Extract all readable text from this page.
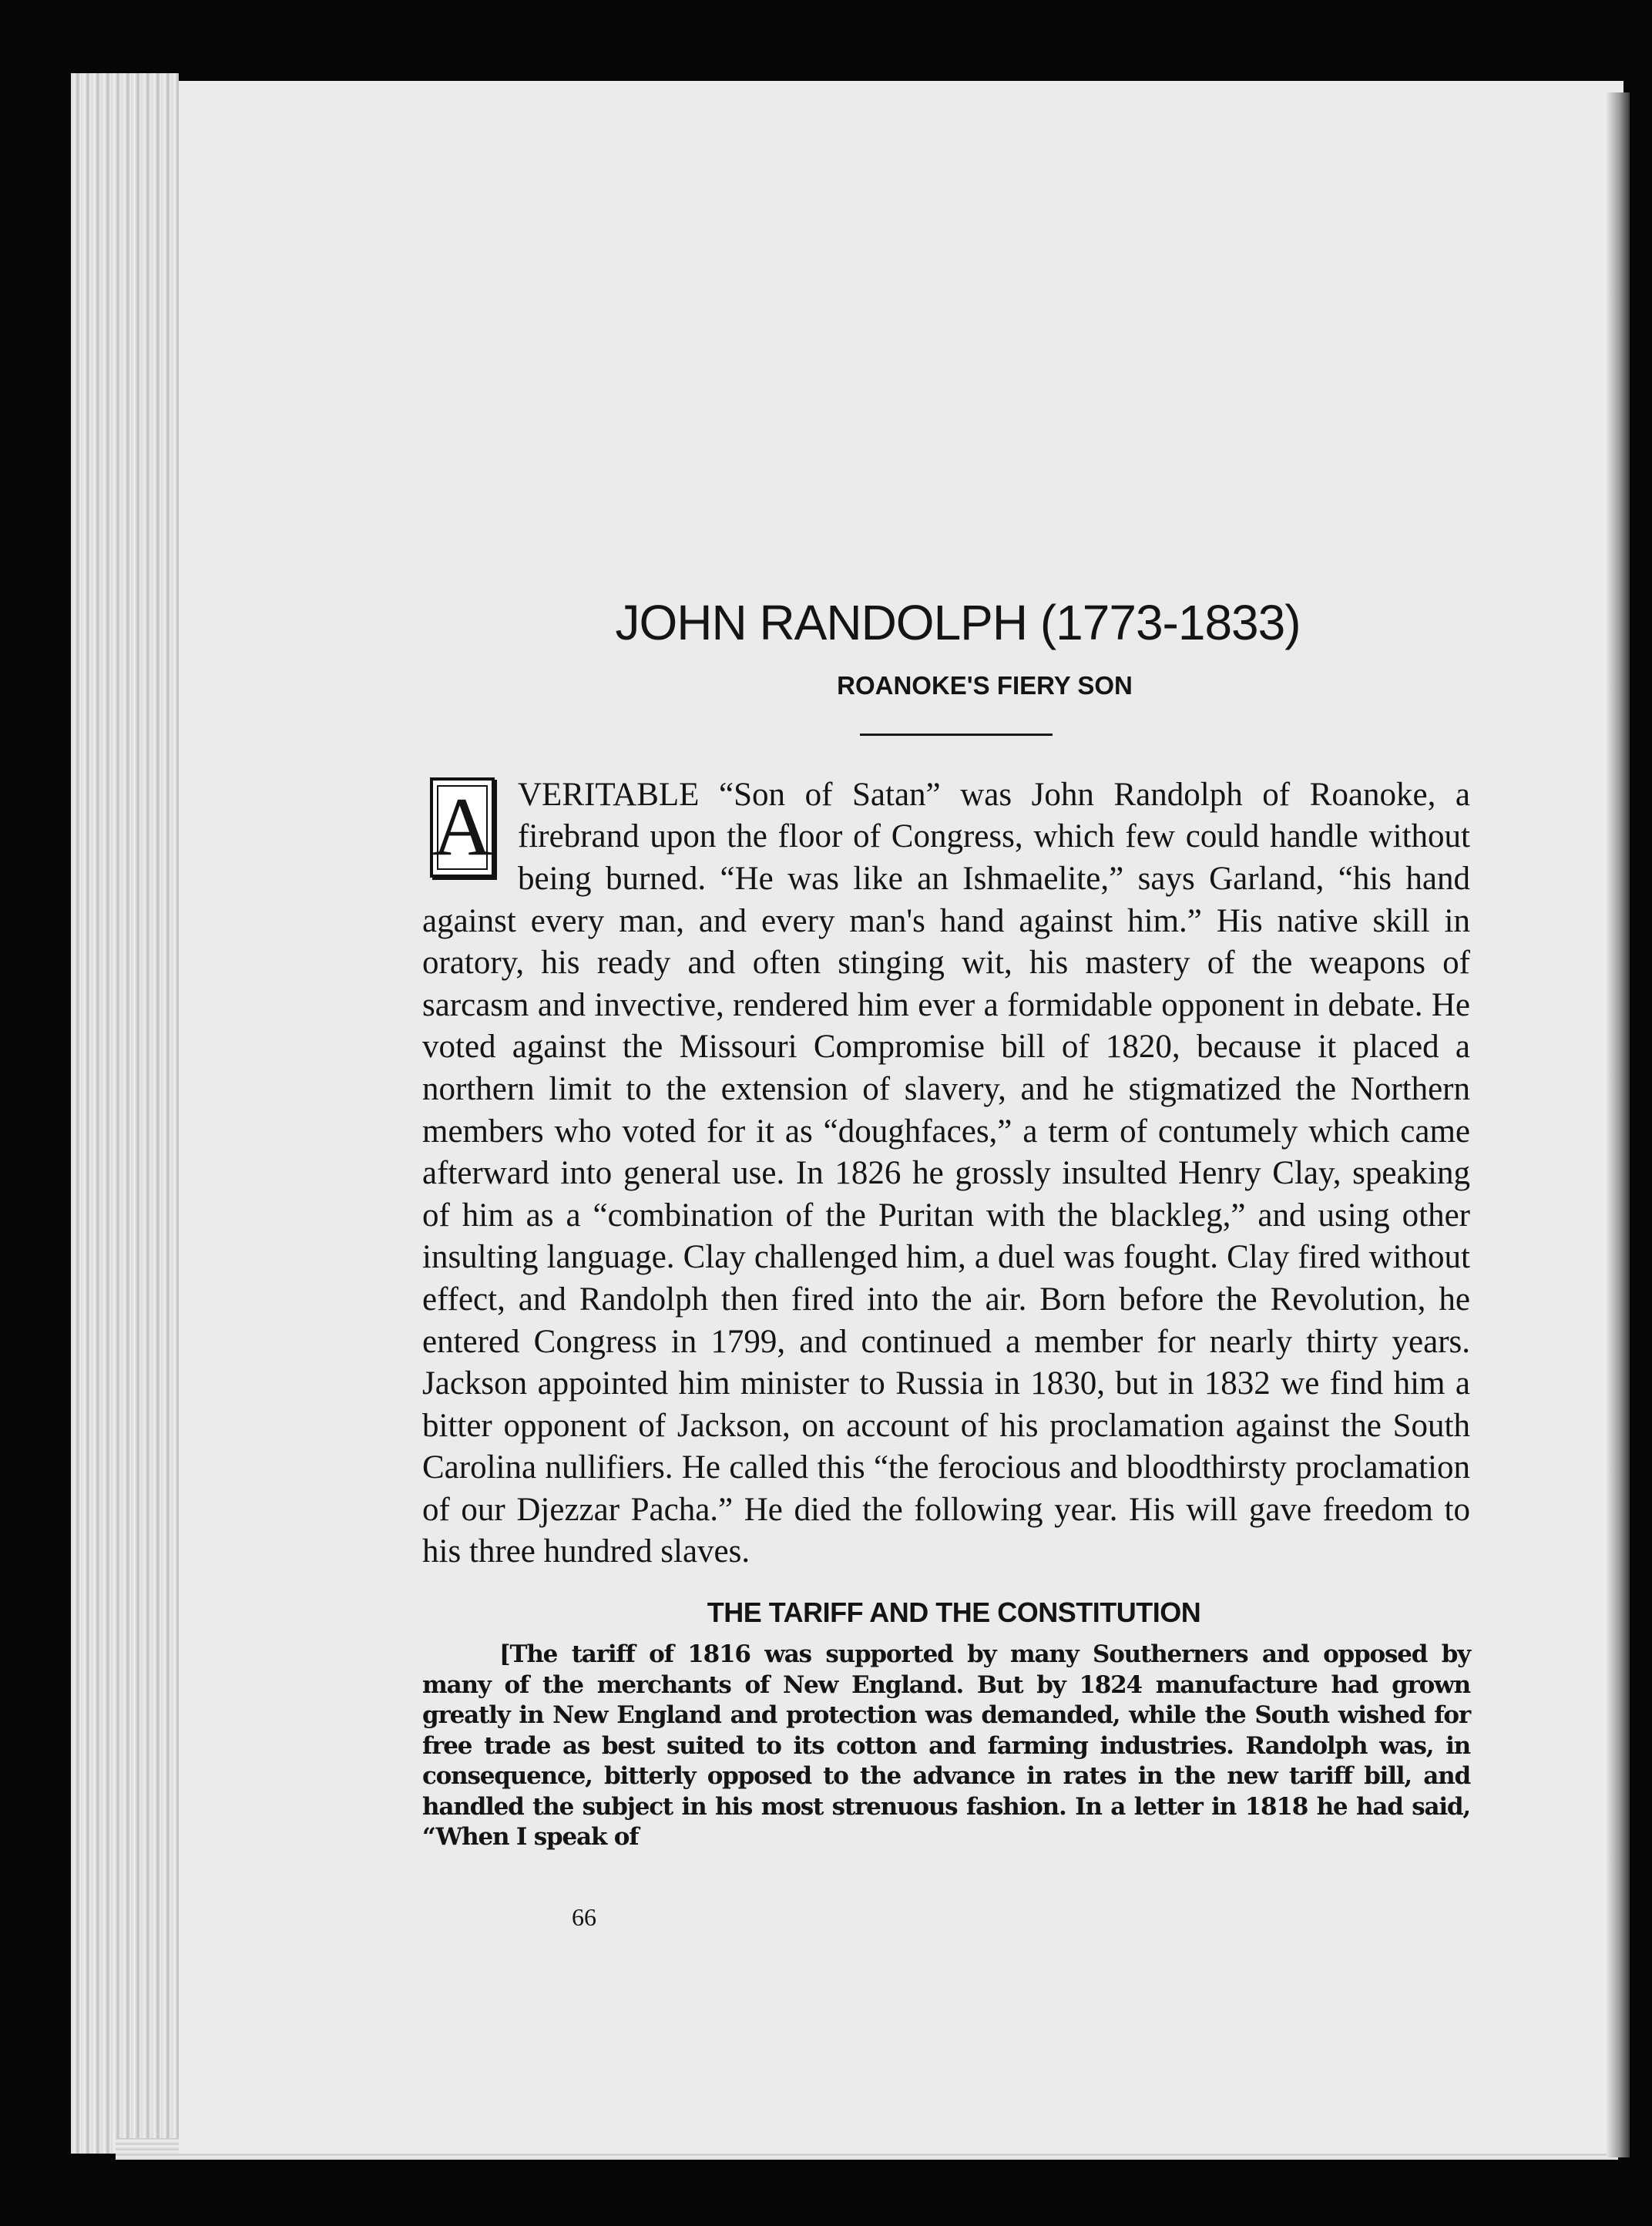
JOHN RANDOLPH (1773-1833)
ROANOKE'S FIERY SON
A VERITABLE “Son of Satan” was John Randolph of Roanoke, a firebrand upon the floor of Congress, which few could handle without being burned. “He was like an Ishmaelite,” says Garland, “his hand against every man, and every man's hand against him.” His native skill in oratory, his ready and often stinging wit, his mastery of the weapons of sarcasm and invective, rendered him ever a formidable opponent in debate. He voted against the Missouri Compromise bill of 1820, because it placed a northern limit to the extension of slavery, and he stigmatized the Northern members who voted for it as “doughfaces,” a term of contumely which came afterward into general use. In 1826 he grossly insulted Henry Clay, speaking of him as a “combination of the Puritan with the blackleg,” and using other insulting language. Clay challenged him, a duel was fought. Clay fired without effect, and Randolph then fired into the air. Born before the Revolution, he entered Congress in 1799, and continued a member for nearly thirty years. Jackson appointed him minister to Russia in 1830, but in 1832 we find him a bitter opponent of Jackson, on account of his proclamation against the South Carolina nullifiers. He called this “the ferocious and bloodthirsty proclamation of our Djezzar Pacha.” He died the following year. His will gave freedom to his three hundred slaves.
THE TARIFF AND THE CONSTITUTION
[The tariff of 1816 was supported by many Southerners and opposed by many of the merchants of New England. But by 1824 manufacture had grown greatly in New England and protection was demanded, while the South wished for free trade as best suited to its cotton and farming industries. Randolph was, in consequence, bitterly opposed to the advance in rates in the new tariff bill, and handled the subject in his most strenuous fashion. In a letter in 1818 he had said, “When I speak of
66
